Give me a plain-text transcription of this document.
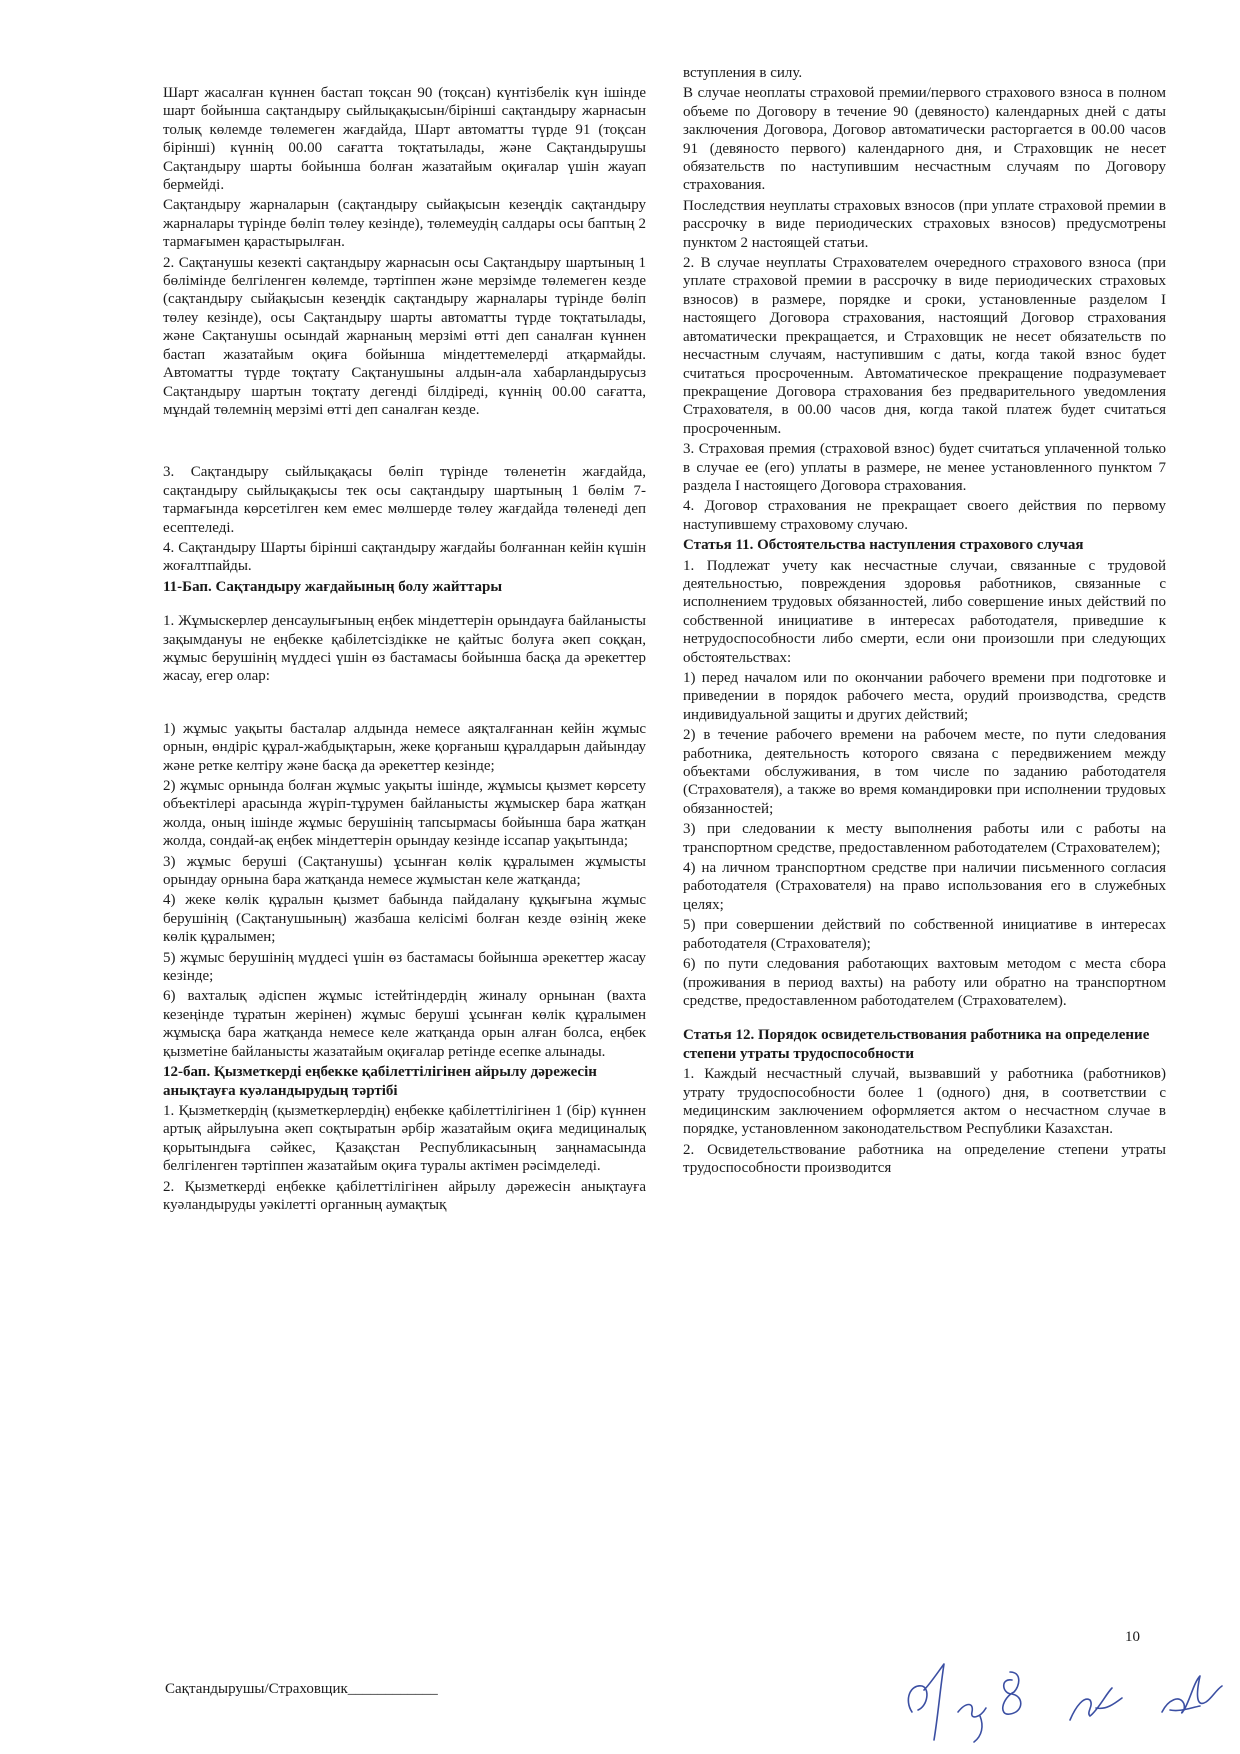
Шарт жасалған күннен бастап тоқсан 90 (тоқсан) күнтізбелік күн ішінде шарт бойынша сақтандыру сыйлықақысын/бірінші сақтандыру жарнасын толық көлемде төлемеген жағдайда, Шарт автоматты түрде 91 (тоқсан бірінші) күннің 00.00 сағатта тоқтатылады, және Сақтандырушы Сақтандыру шарты бойынша болған жазатайым оқиғалар үшін жауап бермейді.

Сақтандыру жарналарын (сақтандыру сыйақысын кезеңдік сақтандыру жарналары түрінде бөліп төлеу кезінде), төлемеудің салдары осы баптың 2 тармағымен қарастырылған.

2. Сақтанушы кезекті сақтандыру жарнасын осы Сақтандыру шартының 1 бөлімінде белгіленген көлемде, тәртіппен және мерзімде төлемеген кезде (сақтандыру сыйақысын кезеңдік сақтандыру жарналары түрінде бөліп төлеу кезінде), осы Сақтандыру шарты автоматты түрде тоқтатылады, және Сақтанушы осындай жарнаның мерзімі өтті деп саналған күннен бастап жазатайым оқиға бойынша міндеттемелерді атқармайды. Автоматты түрде тоқтату Сақтанушыны алдын-ала хабарландырусыз Сақтандыру шартын тоқтату дегенді білдіреді, күннің 00.00 сағатта, мұндай төлемнің мерзімі өтті деп саналған кезде.

3. Сақтандыру сыйлықақасы бөліп түрінде төленетін жағдайда, сақтандыру сыйлықақысы тек осы сақтандыру шартының 1 бөлім 7-тармағында көрсетілген кем емес мөлшерде төлеу жағдайда төленеді деп есептеледі.

4. Сақтандыру Шарты бірінші сақтандыру жағдайы болғаннан кейін күшін жоғалтпайды.

11-Бап. Сақтандыру жағдайының болу жайттары

1. Жұмыскерлер денсаулығының еңбек міндеттерін орындауға байланысты зақымдануы не еңбекке қабілетсіздікке не қайтыс болуға әкеп соққан, жұмыс берушінің мүддесі үшін өз бастамасы бойынша басқа да әрекеттер жасау, егер олар:

1) жұмыс уақыты басталар алдында немесе аяқталғаннан кейін жұмыс орнын, өндіріс құрал-жабдықтарын, жеке қорғаныш құралдарын дайындау және ретке келтіру және басқа да әрекеттер кезінде;

2) жұмыс орнында болған жұмыс уақыты ішінде, жұмысы қызмет көрсету объектілері арасында жүріп-тұрумен байланысты жұмыскер бара жатқан жолда, оның ішінде жұмыс берушінің тапсырмасы бойынша бара жатқан жолда, сондай-ақ еңбек міндеттерін орындау кезінде іссапар уақытында;

3) жұмыс беруші (Сақтанушы) ұсынған көлік құралымен жұмысты орындау орнына бара жатқанда немесе жұмыстан келе жатқанда;

4) жеке көлік құралын қызмет бабында пайдалану құқығына жұмыс берушінің (Сақтанушының) жазбаша келісімі болған кезде өзінің жеке көлік құралымен;

5) жұмыс берушінің мүддесі үшін өз бастамасы бойынша әрекеттер жасау кезінде;

6) вахталық әдіспен жұмыс істейтіндердің жиналу орнынан (вахта кезеңінде тұратын жерінен) жұмыс беруші ұсынған көлік құралымен жұмысқа бара жатқанда немесе келе жатқанда орын алған болса, еңбек қызметіне байланысты жазатайым оқиғалар ретінде есепке алынады.

12-бап. Қызметкерді еңбекке қабілеттілігінен айрылу дәрежесін анықтауға куәландырудың тәртібі

1. Қызметкердің (қызметкерлердің) еңбекке қабілеттілігінен 1 (бір) күннен артық айрылуына әкеп соқтыратын әрбір жазатайым оқиға медициналық қорытындыға сәйкес, Қазақстан Республикасының заңнамасында белгіленген тәртіппен жазатайым оқиға туралы актімен рәсімделеді.

2. Қызметкерді еңбекке қабілеттілігінен айрылу дәрежесін анықтауға куәландыруды уәкілетті органның аумақтық

вступления в силу.

В случае неоплаты страховой премии/первого страхового взноса в полном объеме по Договору в течение 90 (девяносто) календарных дней с даты заключения Договора, Договор автоматически расторгается в 00.00 часов 91 (девяносто первого) календарного дня, и Страховщик не несет обязательств по наступившим несчастным случаям по Договору страхования.

Последствия неуплаты страховых взносов (при уплате страховой премии в рассрочку в виде периодических страховых взносов) предусмотрены пунктом 2 настоящей статьи.

2. В случае неуплаты Страхователем очередного страхового взноса (при уплате страховой премии в рассрочку в виде периодических страховых взносов) в размере, порядке и сроки, установленные разделом I настоящего Договора страхования, настоящий Договор страхования автоматически прекращается, и Страховщик не несет обязательств по несчастным случаям, наступившим с даты, когда такой взнос будет считаться просроченным. Автоматическое прекращение подразумевает прекращение Договора страхования без предварительного уведомления Страхователя, в 00.00 часов дня, когда такой платеж будет считаться просроченным.

3. Страховая премия (страховой взнос) будет считаться уплаченной только в случае ее (его) уплаты в размере, не менее установленного пунктом 7 раздела I настоящего Договора страхования.

4. Договор страхования не прекращает своего действия по первому наступившему страховому случаю.

Статья 11. Обстоятельства наступления страхового случая

1. Подлежат учету как несчастные случаи, связанные с трудовой деятельностью, повреждения здоровья работников, связанные с исполнением трудовых обязанностей, либо совершение иных действий по собственной инициативе в интересах работодателя, приведшие к нетрудоспособности либо смерти, если они произошли при следующих обстоятельствах:

1) перед началом или по окончании рабочего времени при подготовке и приведении в порядок рабочего места, орудий производства, средств индивидуальной защиты и других действий;

2) в течение рабочего времени на рабочем месте, по пути следования работника, деятельность которого связана с передвижением между объектами обслуживания, в том числе по заданию работодателя (Страхователя), а также во время командировки при исполнении трудовых обязанностей;

3) при следовании к месту выполнения работы или с работы на транспортном средстве, предоставленном работодателем (Страхователем);

4) на личном транспортном средстве при наличии письменного согласия работодателя (Страхователя) на право использования его в служебных целях;

5) при совершении действий по собственной инициативе в интересах работодателя (Страхователя);

6) по пути следования работающих вахтовым методом с места сбора (проживания в период вахты) на работу или обратно на транспортном средстве, предоставленном работодателем (Страхователем).

Статья 12. Порядок освидетельствования работника на определение степени утраты трудоспособности

1. Каждый несчастный случай, вызвавший у работника (работников) утрату трудоспособности более 1 (одного) дня, в соответствии с медицинским заключением оформляется актом о несчастном случае в порядке, установленном законодательством Республики Казахстан.

2. Освидетельствование работника на определение степени утраты трудоспособности производится

10
Сақтандырушы/Страховщик____________
